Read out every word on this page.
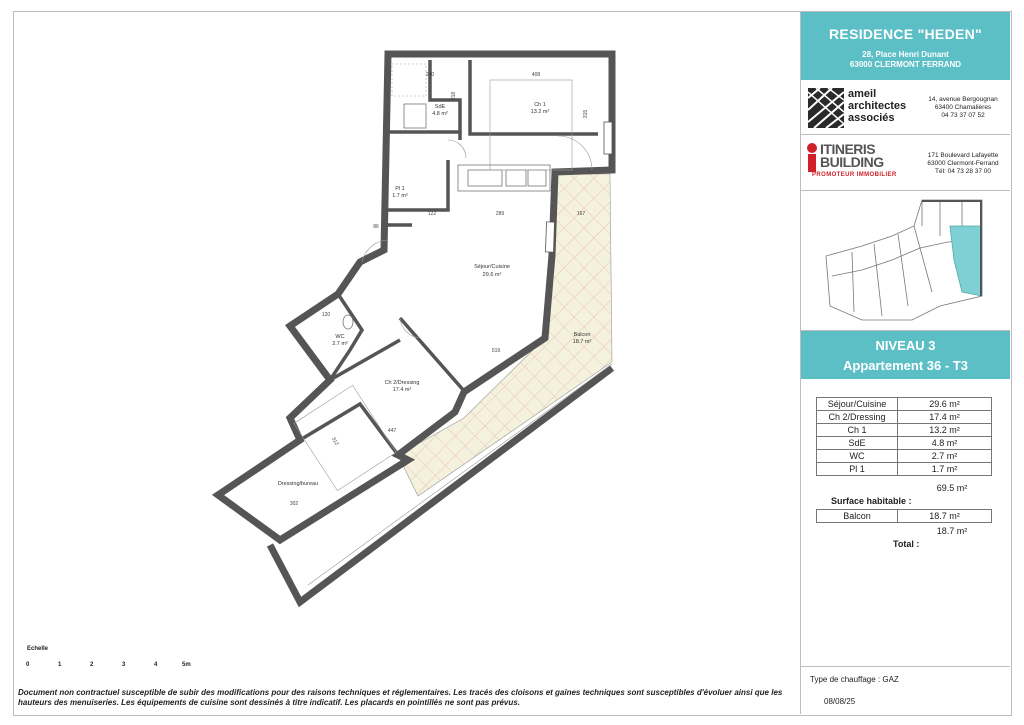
RESIDENCE "HEDEN"
28, Place Henri Dunant
63000 CLERMONT FERRAND
ameil
architectes
associés
14, avenue Bergougnan
63400 Chamalières
04 73 37 07 52
ITINERIS
BUILDING
PROMOTEUR IMMOBILIER
171 Boulevard Lafayette
63000 Clermont-Ferrand
Tél: 04 73 28 37 00
NIVEAU 3
Appartement 36 - T3
Séjour/Cuisine	29.6 m²
Ch 2/Dressing	17.4 m²
Ch 1	13.2 m²
SdE	4.8 m²
WC	2.7 m²
Pl 1	1.7 m²
69.5 m²
Surface habitable :
Balcon	18.7 m²
18.7 m²
Total :
Type de chauffage : GAZ
08/08/25
Ch 1
13.2 m²
SdE
4.8 m²
Pl 1
1.7 m²
Séjour/Cuisine
29.6 m²
WC
2.7 m²
Ch 2/Dressing
17.4 m²
Dressing/bureau
Balcon
18.7 m²
240	408
218
122	289	167
315
519
447
312
302
120
86
Echelle
0	1	2	3	4	5m
Document non contractuel susceptible de subir des modifications pour des raisons techniques et réglementaires. Les tracés des cloisons et gaines techniques sont susceptibles d'évoluer ainsi que les hauteurs des menuiseries. Les équipements de cuisine sont dessinés à titre indicatif. Les placards en pointillés ne sont pas prévus.
